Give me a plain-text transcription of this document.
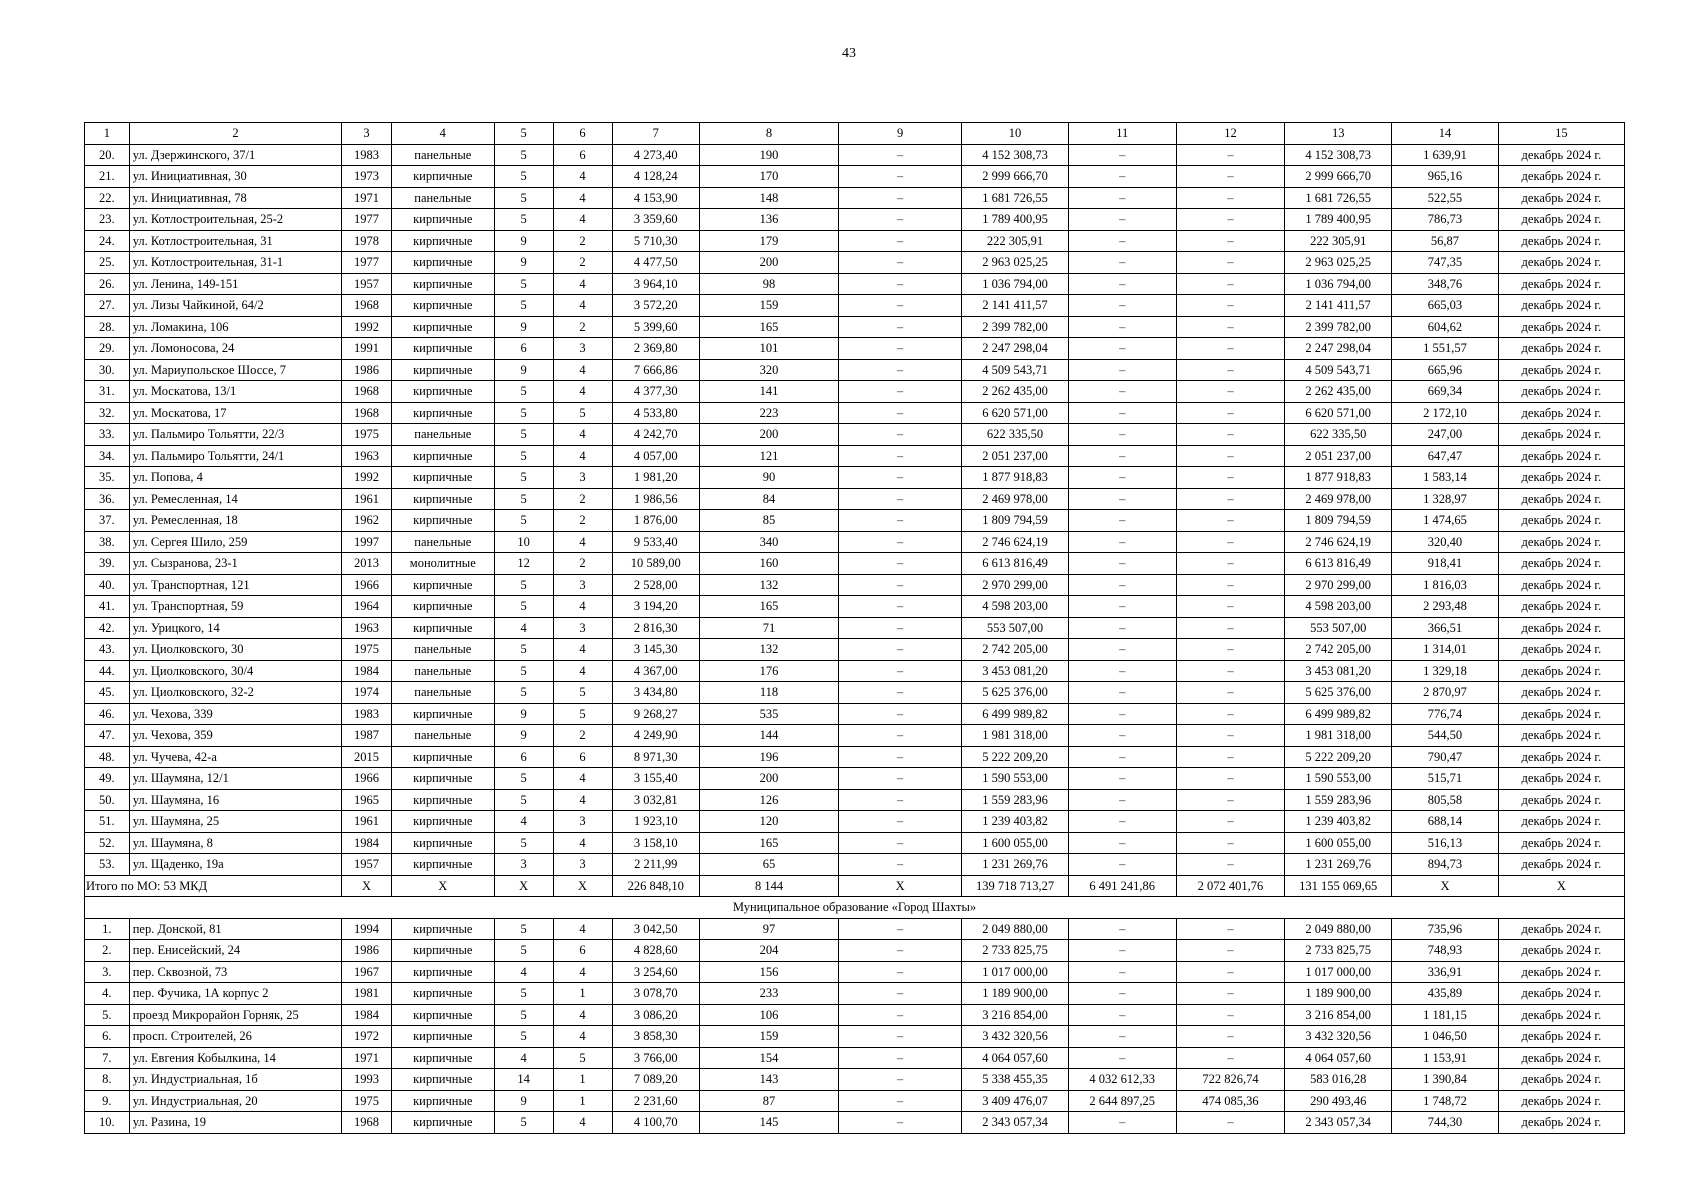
43
1	2	3	4	5	6	7	8	9	10	11	12	13	14	15
20.	ул. Дзержинского, 37/1	1983	панельные	5	6	4 273,40	190	–	4 152 308,73	–	–	4 152 308,73	1 639,91	декабрь 2024 г.
21.	ул. Инициативная, 30	1973	кирпичные	5	4	4 128,24	170	–	2 999 666,70	–	–	2 999 666,70	965,16	декабрь 2024 г.
22.	ул. Инициативная, 78	1971	панельные	5	4	4 153,90	148	–	1 681 726,55	–	–	1 681 726,55	522,55	декабрь 2024 г.
23.	ул. Котлостроительная, 25-2	1977	кирпичные	5	4	3 359,60	136	–	1 789 400,95	–	–	1 789 400,95	786,73	декабрь 2024 г.
24.	ул. Котлостроительная, 31	1978	кирпичные	9	2	5 710,30	179	–	222 305,91	–	–	222 305,91	56,87	декабрь 2024 г.
25.	ул. Котлостроительная, 31-1	1977	кирпичные	9	2	4 477,50	200	–	2 963 025,25	–	–	2 963 025,25	747,35	декабрь 2024 г.
26.	ул. Ленина, 149-151	1957	кирпичные	5	4	3 964,10	98	–	1 036 794,00	–	–	1 036 794,00	348,76	декабрь 2024 г.
27.	ул. Лизы Чайкиной, 64/2	1968	кирпичные	5	4	3 572,20	159	–	2 141 411,57	–	–	2 141 411,57	665,03	декабрь 2024 г.
28.	ул. Ломакина, 106	1992	кирпичные	9	2	5 399,60	165	–	2 399 782,00	–	–	2 399 782,00	604,62	декабрь 2024 г.
29.	ул. Ломоносова, 24	1991	кирпичные	6	3	2 369,80	101	–	2 247 298,04	–	–	2 247 298,04	1 551,57	декабрь 2024 г.
30.	ул. Мариупольское Шоссе, 7	1986	кирпичные	9	4	7 666,86	320	–	4 509 543,71	–	–	4 509 543,71	665,96	декабрь 2024 г.
31.	ул. Москатова, 13/1	1968	кирпичные	5	4	4 377,30	141	–	2 262 435,00	–	–	2 262 435,00	669,34	декабрь 2024 г.
32.	ул. Москатова, 17	1968	кирпичные	5	5	4 533,80	223	–	6 620 571,00	–	–	6 620 571,00	2 172,10	декабрь 2024 г.
33.	ул. Пальмиро Тольятти, 22/3	1975	панельные	5	4	4 242,70	200	–	622 335,50	–	–	622 335,50	247,00	декабрь 2024 г.
34.	ул. Пальмиро Тольятти, 24/1	1963	кирпичные	5	4	4 057,00	121	–	2 051 237,00	–	–	2 051 237,00	647,47	декабрь 2024 г.
35.	ул. Попова, 4	1992	кирпичные	5	3	1 981,20	90	–	1 877 918,83	–	–	1 877 918,83	1 583,14	декабрь 2024 г.
36.	ул. Ремесленная, 14	1961	кирпичные	5	2	1 986,56	84	–	2 469 978,00	–	–	2 469 978,00	1 328,97	декабрь 2024 г.
37.	ул. Ремесленная, 18	1962	кирпичные	5	2	1 876,00	85	–	1 809 794,59	–	–	1 809 794,59	1 474,65	декабрь 2024 г.
38.	ул. Сергея Шило, 259	1997	панельные	10	4	9 533,40	340	–	2 746 624,19	–	–	2 746 624,19	320,40	декабрь 2024 г.
39.	ул. Сызранова, 23-1	2013	монолитные	12	2	10 589,00	160	–	6 613 816,49	–	–	6 613 816,49	918,41	декабрь 2024 г.
40.	ул. Транспортная, 121	1966	кирпичные	5	3	2 528,00	132	–	2 970 299,00	–	–	2 970 299,00	1 816,03	декабрь 2024 г.
41.	ул. Транспортная, 59	1964	кирпичные	5	4	3 194,20	165	–	4 598 203,00	–	–	4 598 203,00	2 293,48	декабрь 2024 г.
42.	ул. Урицкого, 14	1963	кирпичные	4	3	2 816,30	71	–	553 507,00	–	–	553 507,00	366,51	декабрь 2024 г.
43.	ул. Циолковского, 30	1975	панельные	5	4	3 145,30	132	–	2 742 205,00	–	–	2 742 205,00	1 314,01	декабрь 2024 г.
44.	ул. Циолковского, 30/4	1984	панельные	5	4	4 367,00	176	–	3 453 081,20	–	–	3 453 081,20	1 329,18	декабрь 2024 г.
45.	ул. Циолковского, 32-2	1974	панельные	5	5	3 434,80	118	–	5 625 376,00	–	–	5 625 376,00	2 870,97	декабрь 2024 г.
46.	ул. Чехова, 339	1983	кирпичные	9	5	9 268,27	535	–	6 499 989,82	–	–	6 499 989,82	776,74	декабрь 2024 г.
47.	ул. Чехова, 359	1987	панельные	9	2	4 249,90	144	–	1 981 318,00	–	–	1 981 318,00	544,50	декабрь 2024 г.
48.	ул. Чучева, 42-а	2015	кирпичные	6	6	8 971,30	196	–	5 222 209,20	–	–	5 222 209,20	790,47	декабрь 2024 г.
49.	ул. Шаумяна, 12/1	1966	кирпичные	5	4	3 155,40	200	–	1 590 553,00	–	–	1 590 553,00	515,71	декабрь 2024 г.
50.	ул. Шаумяна, 16	1965	кирпичные	5	4	3 032,81	126	–	1 559 283,96	–	–	1 559 283,96	805,58	декабрь 2024 г.
51.	ул. Шаумяна, 25	1961	кирпичные	4	3	1 923,10	120	–	1 239 403,82	–	–	1 239 403,82	688,14	декабрь 2024 г.
52.	ул. Шаумяна, 8	1984	кирпичные	5	4	3 158,10	165	–	1 600 055,00	–	–	1 600 055,00	516,13	декабрь 2024 г.
53.	ул. Щаденко, 19а	1957	кирпичные	3	3	2 211,99	65	–	1 231 269,76	–	–	1 231 269,76	894,73	декабрь 2024 г.
Итого по МО: 53 МКД		X	X	X	X	226 848,10	8 144	X	139 718 713,27	6 491 241,86	2 072 401,76	131 155 069,65	X	X
Муниципальное образование «Город Шахты»														
1.	пер. Донской, 81	1994	кирпичные	5	4	3 042,50	97	–	2 049 880,00	–	–	2 049 880,00	735,96	декабрь 2024 г.
2.	пер. Енисейский, 24	1986	кирпичные	5	6	4 828,60	204	–	2 733 825,75	–	–	2 733 825,75	748,93	декабрь 2024 г.
3.	пер. Сквозной, 73	1967	кирпичные	4	4	3 254,60	156	–	1 017 000,00	–	–	1 017 000,00	336,91	декабрь 2024 г.
4.	пер. Фучика, 1А корпус 2	1981	кирпичные	5	1	3 078,70	233	–	1 189 900,00	–	–	1 189 900,00	435,89	декабрь 2024 г.
5.	проезд Микрорайон Горняк, 25	1984	кирпичные	5	4	3 086,20	106	–	3 216 854,00	–	–	3 216 854,00	1 181,15	декабрь 2024 г.
6.	просп. Строителей, 26	1972	кирпичные	5	4	3 858,30	159	–	3 432 320,56	–	–	3 432 320,56	1 046,50	декабрь 2024 г.
7.	ул. Евгения Кобылкина, 14	1971	кирпичные	4	5	3 766,00	154	–	4 064 057,60	–	–	4 064 057,60	1 153,91	декабрь 2024 г.
8.	ул. Индустриальная, 1б	1993	кирпичные	14	1	7 089,20	143	–	5 338 455,35	4 032 612,33	722 826,74	583 016,28	1 390,84	декабрь 2024 г.
9.	ул. Индустриальная, 20	1975	кирпичные	9	1	2 231,60	87	–	3 409 476,07	2 644 897,25	474 085,36	290 493,46	1 748,72	декабрь 2024 г.
10.	ул. Разина, 19	1968	кирпичные	5	4	4 100,70	145	–	2 343 057,34	–	–	2 343 057,34	744,30	декабрь 2024 г.
